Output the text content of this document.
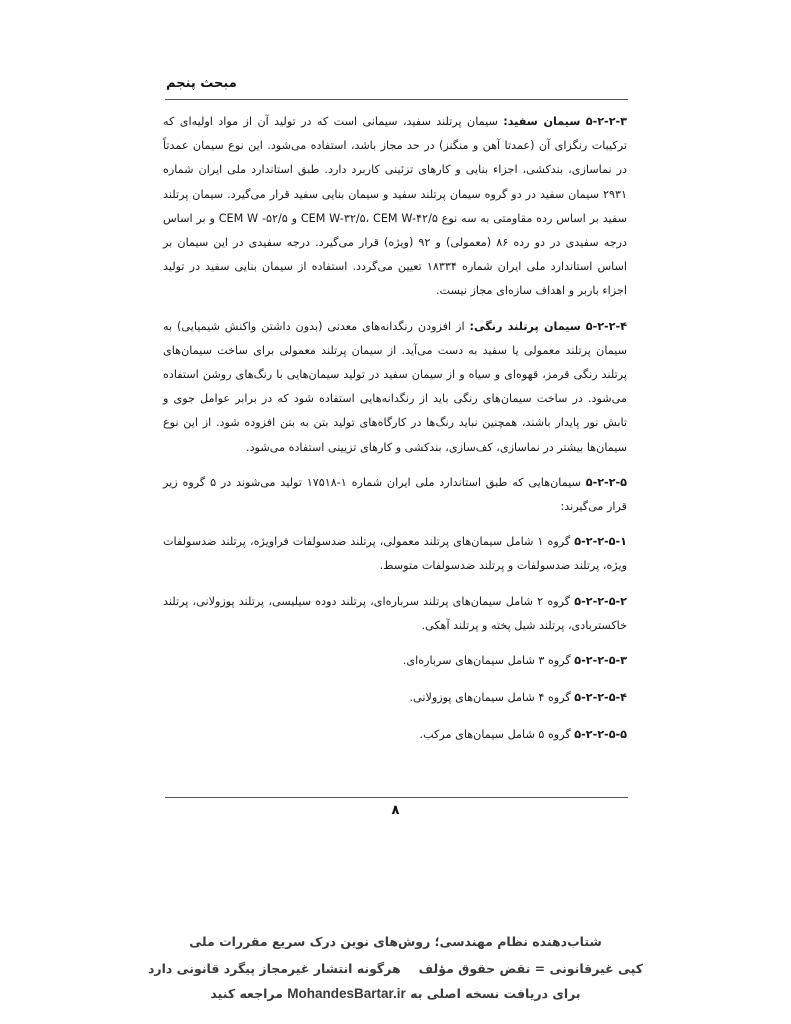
مبحث پنجم

۵-۲-۲-۳ سیمان سفید: سیمان پرتلند سفید، سیمانی است که در تولید آن از مواد اولیه‌ای که ترکیبات رنگزای آن (عمدتا آهن و منگنز) در حد مجاز باشد، استفاده می‌شود. این نوع سیمان عمدتاً در نماسازی، بندکشی، اجزاء بنایی و کارهای تزئینی کاربرد دارد. طبق استاندارد ملی ایران شماره ۲۹۳۱ سیمان سفید در دو گروه سیمان پرتلند سفید و سیمان بنایی سفید قرار می‌گیرد. سیمان پرتلند سفید بر اساس رده مقاومتی به سه نوع CEM W-۳۲/۵، CEM W-۴۲/۵ و CEM W -۵۲/۵ و بر اساس درجه سفیدی در دو رده ۸۶ (معمولی) و ۹۲ (ویژه) قرار می‌گیرد. درجه سفیدی در این سیمان بر اساس استاندارد ملی ایران شماره ۱۸۳۳۴ تعیین می‌گردد. استفاده از سیمان بنایی سفید در تولید اجزاء باربر و اهداف سازه‌ای مجاز نیست.

۵-۲-۲-۴ سیمان پرتلند رنگی: از افزودن رنگدانه‌های معدنی (بدون داشتن واکنش شیمیایی) به سیمان پرتلند معمولی یا سفید به دست می‌آید. از سیمان پرتلند معمولی برای ساخت سیمان‌های پرتلند رنگی قرمز، قهوه‌ای و سیاه و از سیمان سفید در تولید سیمان‌هایی با رنگ‌های روشن استفاده می‌شود. در ساخت سیمان‌های رنگی باید از رنگدانه‌هایی استفاده شود که در برابر عوامل جوی و تابش نور پایدار باشند، همچنین نباید رنگ‌ها در کارگاه‌های تولید بتن به بتن افزوده شود. از این نوع سیمان‌ها بیشتر در نماسازی، کف‌سازی، بندکشی و کارهای تزیینی استفاده می‌شود.

۵-۲-۲-۵ سیمان‌هایی که طبق استاندارد ملی ایران شماره ۱-۱۷۵۱۸ تولید می‌شوند در ۵ گروه زیر قرار می‌گیرند:

۵-۲-۲-۵-۱ گروه ۱ شامل سیمان‌های پرتلند معمولی، پرتلند ضدسولفات فراویژه، پرتلند ضدسولفات ویژه، پرتلند ضدسولفات و پرتلند ضدسولفات متوسط.

۵-۲-۲-۵-۲ گروه ۲ شامل سیمان‌های پرتلند سرباره‌ای، پرتلند دوده سیلیسی، پرتلند پوزولانی، پرتلند خاکستربادی، پرتلند شیل پخته و پرتلند آهکی.

۵-۲-۲-۵-۳ گروه ۳ شامل سیمان‌های سرباره‌ای.

۵-۲-۲-۵-۴ گروه ۴ شامل سیمان‌های پوزولانی.

۵-۲-۲-۵-۵ گروه ۵ شامل سیمان‌های مرکب.

۸
شتاب‌دهنده نظام مهندسی؛ روش‌های نوین درک سریع مقررات ملی
کپی غیرقانونی = نقض حقوق مؤلفهرگونه انتشار غیرمجاز پیگرد قانونی دارد
برای دریافت نسخه اصلی به MohandesBartar.ir مراجعه کنید
